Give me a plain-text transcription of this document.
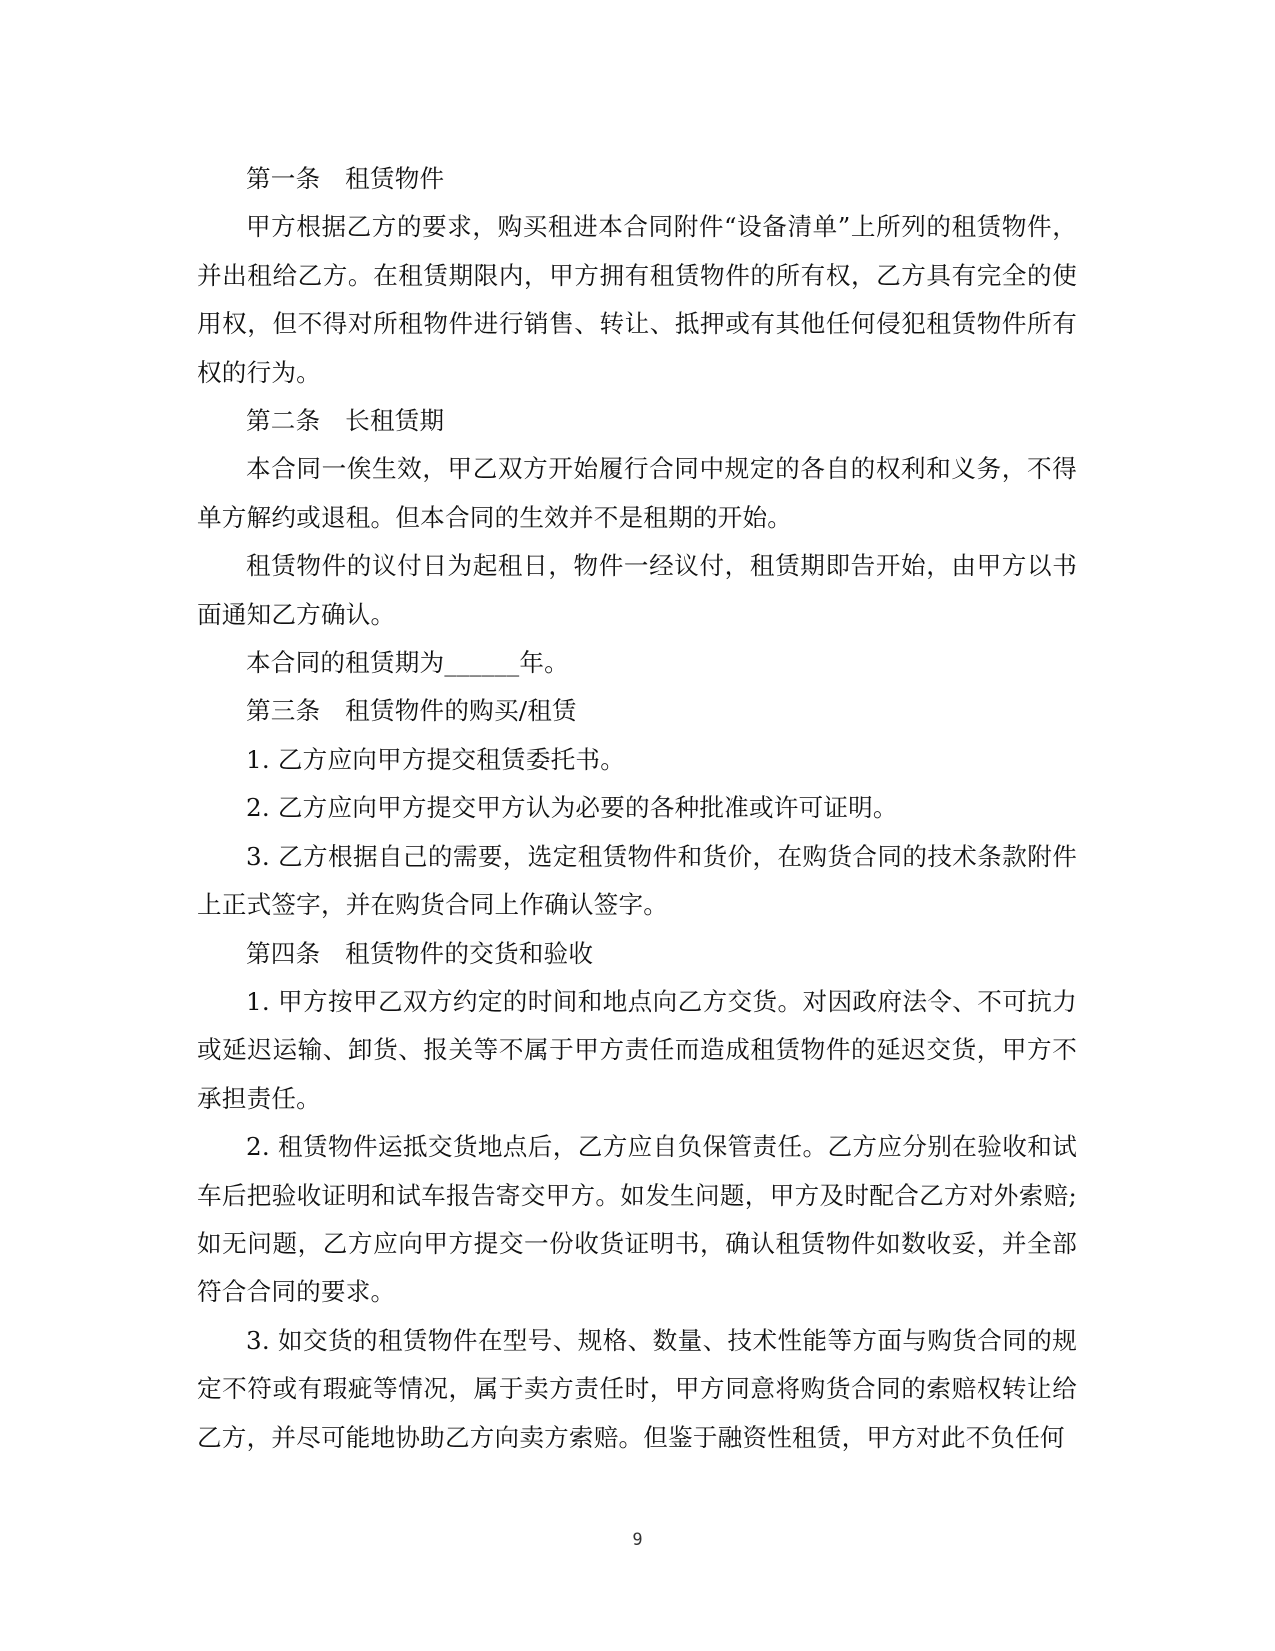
第一条　租赁物件

甲方根据乙方的要求，购买租进本合同附件“设备清单”上所列的租赁物件，并出租给乙方。在租赁期限内，甲方拥有租赁物件的所有权，乙方具有完全的使用权，但不得对所租物件进行销售、转让、抵押或有其他任何侵犯租赁物件所有权的行为。

第二条　长租赁期

本合同一俟生效，甲乙双方开始履行合同中规定的各自的权利和义务，不得单方解约或退租。但本合同的生效并不是租期的开始。

租赁物件的议付日为起租日，物件一经议付，租赁期即告开始，由甲方以书面通知乙方确认。

本合同的租赁期为______年。

第三条　租赁物件的购买/租赁

1. 乙方应向甲方提交租赁委托书。

2. 乙方应向甲方提交甲方认为必要的各种批准或许可证明。

3. 乙方根据自己的需要，选定租赁物件和货价，在购货合同的技术条款附件上正式签字，并在购货合同上作确认签字。

第四条　租赁物件的交货和验收

1. 甲方按甲乙双方约定的时间和地点向乙方交货。对因政府法令、不可抗力或延迟运输、卸货、报关等不属于甲方责任而造成租赁物件的延迟交货，甲方不承担责任。

2. 租赁物件运抵交货地点后，乙方应自负保管责任。乙方应分别在验收和试车后把验收证明和试车报告寄交甲方。如发生问题，甲方及时配合乙方对外索赔;如无问题，乙方应向甲方提交一份收货证明书，确认租赁物件如数收妥，并全部符合合同的要求。

3. 如交货的租赁物件在型号、规格、数量、技术性能等方面与购货合同的规定不符或有瑕疵等情况，属于卖方责任时，甲方同意将购货合同的索赔权转让给乙方，并尽可能地协助乙方向卖方索赔。但鉴于融资性租赁，甲方对此不负任何

9
